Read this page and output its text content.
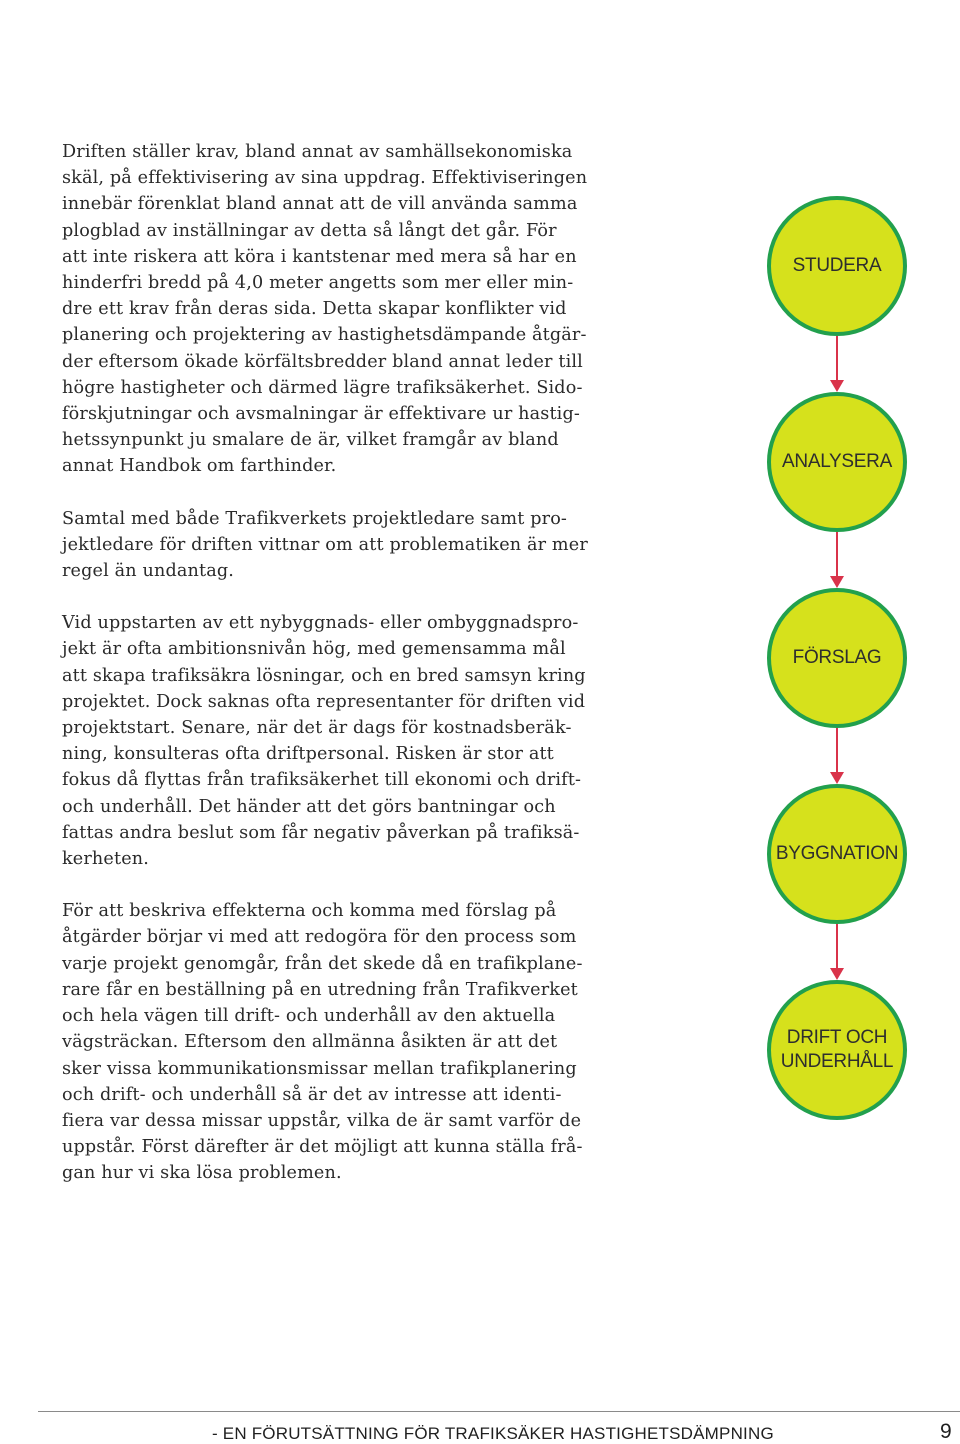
Driften ställer krav, bland annat av samhällsekonomiska
skäl, på effektivisering av sina uppdrag. Effektiviseringen
innebär förenklat bland annat att de vill använda samma
plogblad av inställningar av detta så långt det går. För
att inte riskera att köra i kantstenar med mera så har en
hinderfri bredd på 4,0 meter angetts som mer eller min-
dre ett krav från deras sida. Detta skapar konflikter vid
planering och projektering av hastighetsdämpande åtgär-
der eftersom ökade körfältsbredder bland annat leder till
högre hastigheter och därmed lägre trafiksäkerhet. Sido-
förskjutningar och avsmalningar är effektivare ur hastig-
hetssynpunkt ju smalare de är, vilket framgår av bland
annat Handbok om farthinder.

Samtal med både Trafikverkets projektledare samt pro-
jektledare för driften vittnar om att problematiken är mer
regel än undantag.

Vid uppstarten av ett nybyggnads- eller ombyggnadspro-
jekt är ofta ambitionsnivån hög, med gemensamma mål
att skapa trafiksäkra lösningar, och en bred samsyn kring
projektet. Dock saknas ofta representanter för driften vid
projektstart. Senare, när det är dags för kostnadsberäk-
ning, konsulteras ofta driftpersonal. Risken är stor att
fokus då flyttas från trafiksäkerhet till ekonomi och drift-
och underhåll. Det händer att det görs bantningar och
fattas andra beslut som får negativ påverkan på trafiksä-
kerheten.

För att beskriva effekterna och komma med förslag på
åtgärder börjar vi med att redogöra för den process som
varje projekt genomgår, från det skede då en trafikplane-
rare får en beställning på en utredning från Trafikverket
och hela vägen till drift- och underhåll av den aktuella
vägsträckan. Eftersom den allmänna åsikten är att det
sker vissa kommunikationsmissar mellan trafikplanering
och drift- och underhåll så är det av intresse att identi-
fiera var dessa missar uppstår, vilka de är samt varför de
uppstår. Först därefter är det möjligt att kunna ställa frå-
gan hur vi ska lösa problemen.

STUDERA
ANALYSERA
FÖRSLAG
BYGGNATION
DRIFT OCH
UNDERHÅLL
- EN FÖRUTSÄTTNING FÖR TRAFIKSÄKER HASTIGHETSDÄMPNING	9
